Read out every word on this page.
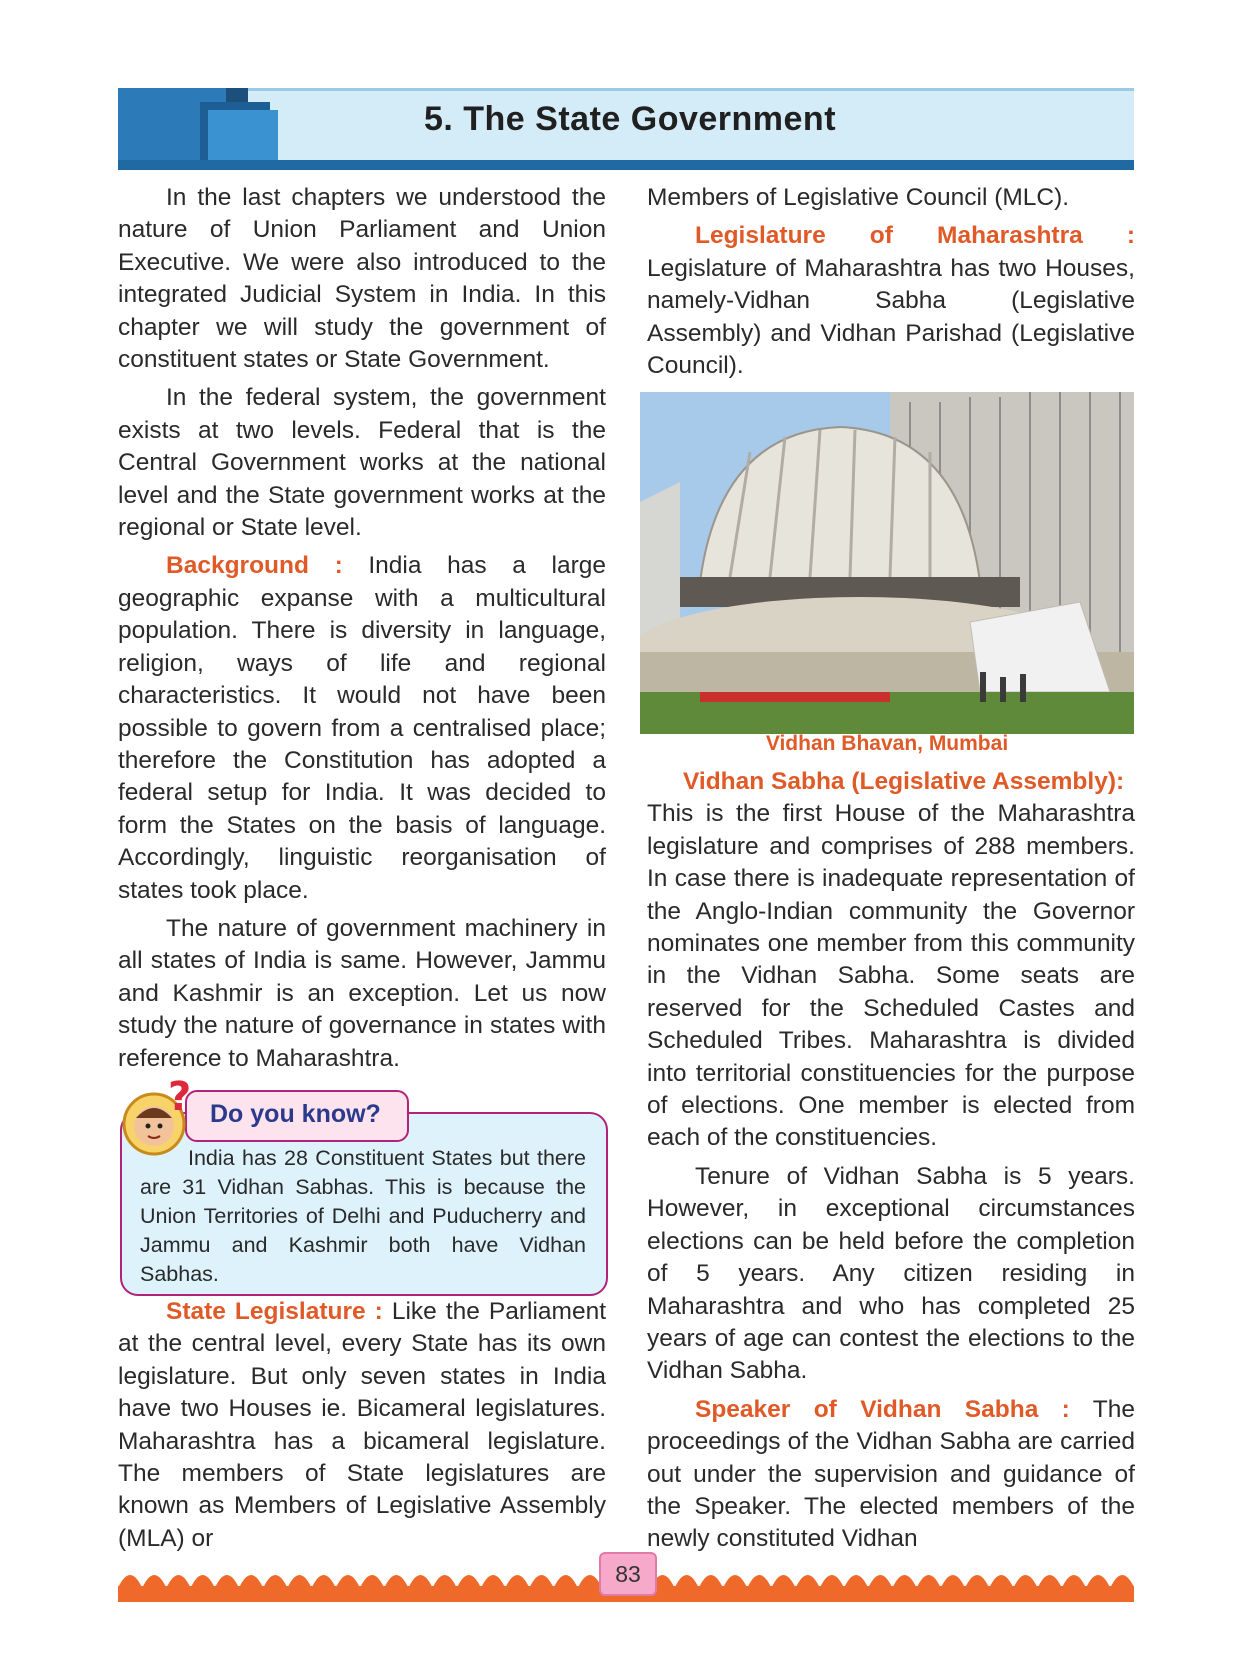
5. The State Government

In the last chapters we understood the nature of Union Parliament and Union Executive. We were also introduced to the integrated Judicial System in India. In this chapter we will study the government of constituent states or State Government.

In the federal system, the government exists at two levels. Federal that is the Central Government works at the national level and the State government works at the regional or State level.

Background : India has a large geographic expanse with a multicultural population. There is diversity in language, religion, ways of life and regional characteristics. It would not have been possible to govern from a centralised place; therefore the Constitution has adopted a federal setup for India. It was decided to form the States on the basis of language. Accordingly, linguistic reorganisation of states took place.

The nature of government machinery in all states of India is same. However, Jammu and Kashmir is an exception. Let us now study the nature of governance in states with reference to Maharashtra.

Do you know?
?

India has 28 Constituent States but there are 31 Vidhan Sabhas. This is because the Union Territories of Delhi and Puducherry and Jammu and Kashmir both have Vidhan Sabhas.

State Legislature : Like the Parliament at the central level, every State has its own legislature. But only seven states in India have two Houses ie. Bicameral legislatures. Maharashtra has a bicameral legislature. The members of State legislatures are known as Members of Legislative Assembly (MLA) or

Members of Legislative Council (MLC).

Legislature of Maharashtra :

Legislature of Maharashtra has two Houses, namely-Vidhan Sabha (Legislative Assembly) and Vidhan Parishad (Legislative Council).

Vidhan Bhavan, Mumbai

Vidhan Sabha (Legislative Assembly):

This is the first House of the Maharashtra legislature and comprises of 288 members. In case there is inadequate representation of the Anglo-Indian community the Governor nominates one member from this community in the Vidhan Sabha. Some seats are reserved for the Scheduled Castes and Scheduled Tribes. Maharashtra is divided into territorial constituencies for the purpose of elections. One member is elected from each of the constituencies.

Tenure of Vidhan Sabha is 5 years. However, in exceptional circumstances elections can be held before the completion of 5 years. Any citizen residing in Maharashtra and who has completed 25 years of age can contest the elections to the Vidhan Sabha.

Speaker of Vidhan Sabha : The proceedings of the Vidhan Sabha are carried out under the supervision and guidance of the Speaker. The elected members of the newly constituted Vidhan

83
